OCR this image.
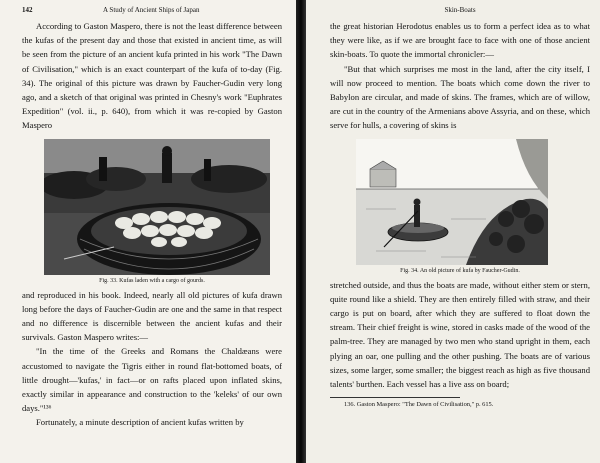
142	A Study of Ancient Ships of Japan

According to Gaston Maspero, there is not the least difference between the kufas of the present day and those that existed in ancient time, as will be seen from the picture of an ancient kufa printed in his work "The Dawn of Civilisation," which is an exact counterpart of the kufa of to-day (Fig. 34). The original of this picture was drawn by Faucher-Gudin very long ago, and a sketch of that original was printed in Chesny's work "Euphrates Expedition" (vol. ii., p. 640), from which it was re-copied by Gaston Maspero

Fig. 33. Kufas laden with a cargo of gourds.

and reproduced in his book. Indeed, nearly all old pictures of kufa drawn long before the days of Faucher-Gudin are one and the same in that respect and no difference is discernible between the ancient kufas and their survivals. Gaston Maspero writes:—

"In the time of the Greeks and Romans the Chaldæans were accustomed to navigate the Tigris either in round flat-bottomed boats, of little drought—'kufas,' in fact—or on rafts placed upon inflated skins, exactly similar in appearance and construction to the 'keleks' of our own days."¹³⁶

Fortunately, a minute description of ancient kufas written by

Skin-Boats

the great historian Herodotus enables us to form a perfect idea as to what they were like, as if we are brought face to face with one of those ancient skin-boats. To quote the immortal chronicler:—

"But that which surprises me most in the land, after the city itself, I will now proceed to mention. The boats which come down the river to Babylon are circular, and made of skins. The frames, which are of willow, are cut in the country of the Armenians above Assyria, and on these, which serve for hulls, a covering of skins is

Fig. 34. An old picture of kufa by Faucher-Gudin.

stretched outside, and thus the boats are made, without either stem or stern, quite round like a shield. They are then entirely filled with straw, and their cargo is put on board, after which they are suffered to float down the stream. Their chief freight is wine, stored in casks made of the wood of the palm-tree. They are managed by two men who stand upright in them, each plying an oar, one pulling and the other pushing. The boats are of various sizes, some larger, some smaller; the biggest reach as high as five thousand talents' burthen. Each vessel has a live ass on board;

136. Gaston Maspero: "The Dawn of Civilisation," p. 615.
